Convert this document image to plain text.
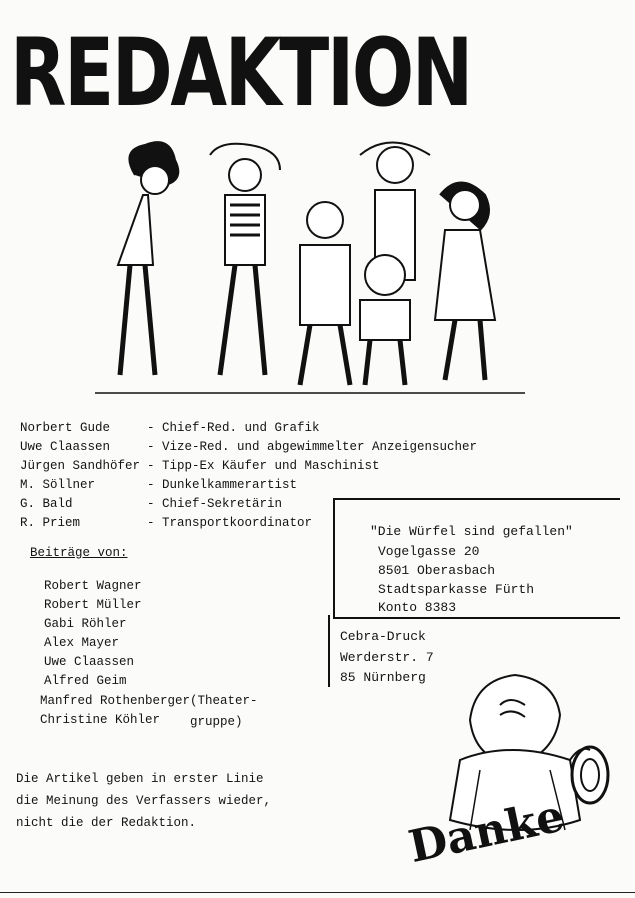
REDAKTION
Norbert Gude	- Chief-Red. und Grafik
Uwe Claassen	- Vize-Red. und abgewimmelter Anzeigensucher
Jürgen Sandhöfer - Tipp-Ex Käufer und Maschinist
M. Söllner	- Dunkelkammerartist
G. Bald	- Chief-Sekretärin
R. Priem	- Transportkoordinator
"Die Würfel sind gefallen"
Vogelgasse 20
8501 Oberasbach
Stadtsparkasse Fürth
Konto 8383
Cebra-Druck
Werderstr. 7
85 Nürnberg
Beiträge von:
Robert Wagner
Robert Müller
Gabi Röhler
Alex Mayer
Uwe Claassen
Alfred Geim
Manfred Rothenberger(Theater-
Christine Köhler gruppe)
Danke
Die Artikel geben in erster Linie
die Meinung des Verfassers wieder,
nicht die der Redaktion.
